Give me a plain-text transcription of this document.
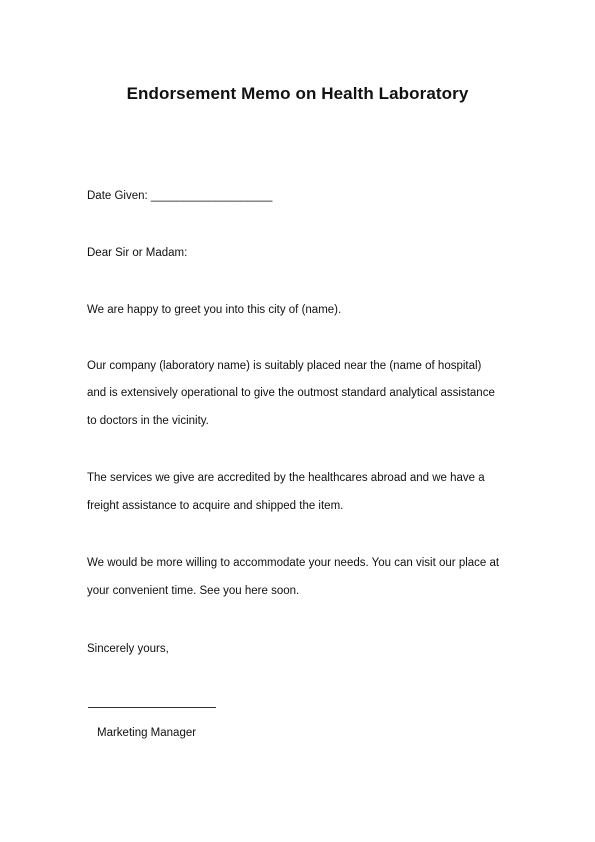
Endorsement Memo on Health Laboratory

Date Given: ___________________

Dear Sir or Madam:

We are happy to greet you into this city of (name).

Our company (laboratory name) is suitably placed near the (name of hospital)

and is extensively operational to give the outmost standard analytical assistance

to doctors in the vicinity.

The services we give are accredited by the healthcares abroad and we have a

freight assistance to acquire and shipped the item.

We would be more willing to accommodate your needs. You can visit our place at

your convenient time. See you here soon.

Sincerely yours,

Marketing Manager
